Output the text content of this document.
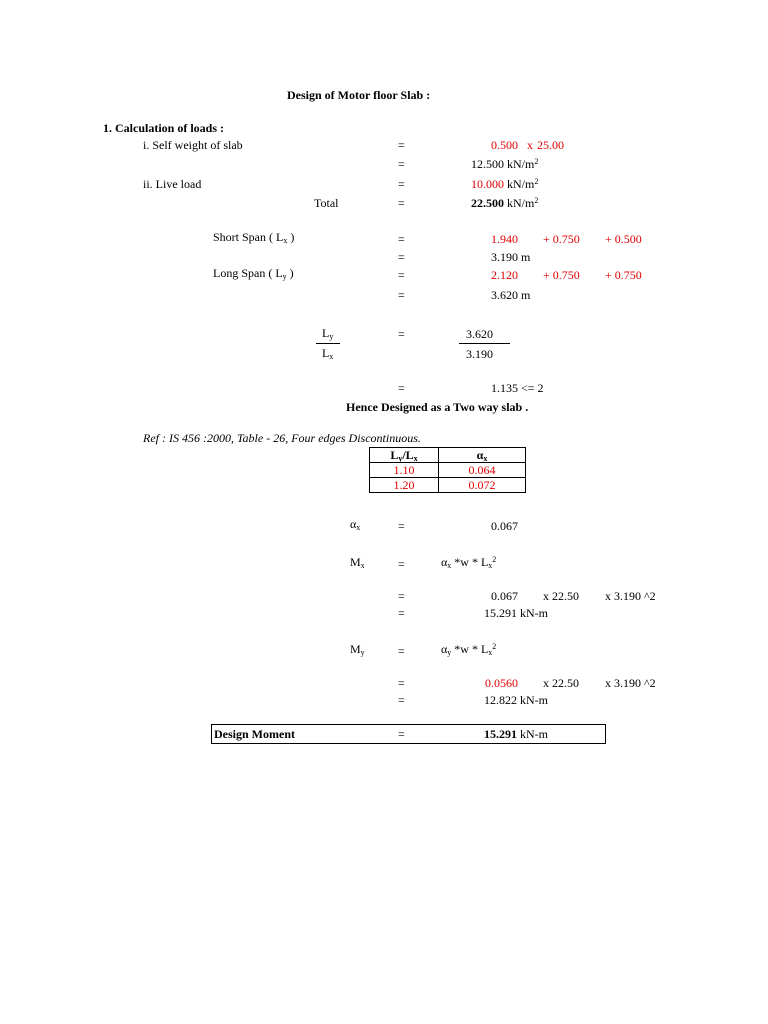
Design of Motor floor Slab :
1. Calculation of loads :
i. Self weight of slab	=	0.500 x 25.00
=	12.500 $kN/m^2$
ii. Live load	=	10.000 $kN/m^2$
Total	=	22.500 $kN/m^2$
Short Span ( $L_x$ )	=	1.940 + 0.750 + 0.500
=	3.190 m
Long Span ( $L_y$ )	=	2.120 + 0.750 + 0.750
=	3.620 m
$L_y$
$L_x$
=	3.620
3.190
=	1.135 <= 2
Hence Designed as a Two way slab .
Ref : IS 456 :2000, Table - 26, Four edges Discontinuous.
$L_y/L_x$	$\alpha_x$
1.10	0.064
1.20	0.072
$\alpha_x$	=	0.067
$M_x$	=	$\alpha_x$ $*w * L_x^2$
=	0.067 x 22.50 x 3.190 ^2
=	15.291 kN-m
$M_y$	=	$\alpha_y$ $*w * L_x^2$
=	0.0560 x 22.50 x 3.190 ^2
=	12.822 kN-m
Design Moment	=	15.291 kN-m
